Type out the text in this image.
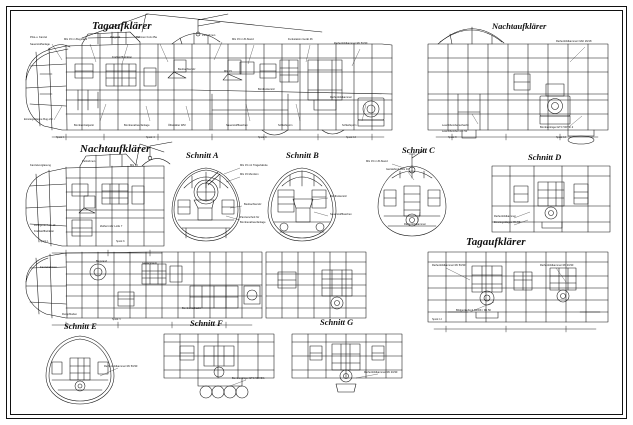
Tagaufklärer	Nachtaufklärer
Nachtaufklärer	Schnitt A	Schnitt B	Schnitt C
Schnitt D
Tagaufklärer
Schnitt E	Schnitt F	Schnitt G
Pilot-u. Kanzel
Sauerstoffanlage
MG 15 im Bugstand
Zielgerät	Rahmen FuG 25a
Peilrahmen
MG 15 im B-Stand	Funkstation Gerät 46
Reihenbildkammer Rb 50/30
Kraftstoffbehälter
Beobachtersitz
MG 15
Bordfunkersitz
Reihenbildkammer
Einstiegsklappe Bug-Lfd
Bombenzielgerät	Bombenabwurfanlage	Ölbehälter WM	Sauerstoffflaschen	Schleifsporn	Schleifsporn
Spant 1	Spant 4	Spant 9	Spant 12
Reihenbildkammer NAK 29/18
Leuchtbombenschacht
Leuchtbomben LC 50
Bombenträger ETC 50/VIII d
Spant 9	Spant 12
Kanzelverglasung
Peilrahmen
MG 15
Funkgerät FuG 10
Kraftstoffbehälter
Zielfernrohr Lotfe 7
Spant 1	Spant 6
MG 15 mit Trägerlafette
MG 15 Munition
Beobachtersitz
Panzerschott für
Bombenabwurfanlage
Bordfunkersitz
Sauerstoffflaschen
MG 15 im B-Stand
Gerätebrett FuG 10
Reihenbildkammer
Reihenbildkammer
Einstiegsklappe Rb 50
Kanzelrahmen
Bugstand
Gepäckraum
Rumpfboden
Bombenschacht
Spant 3
Reihenbildkammer Rb 50/30	Reihenbildkammer Rb 20/30
Bildgerätebrett NFWK / Rb 50
Spant 12
Reihenbildkammer Rb 50/30
Bombenträger ETC 50/VIIIb
Reihenbildkammer Rb 20/30
